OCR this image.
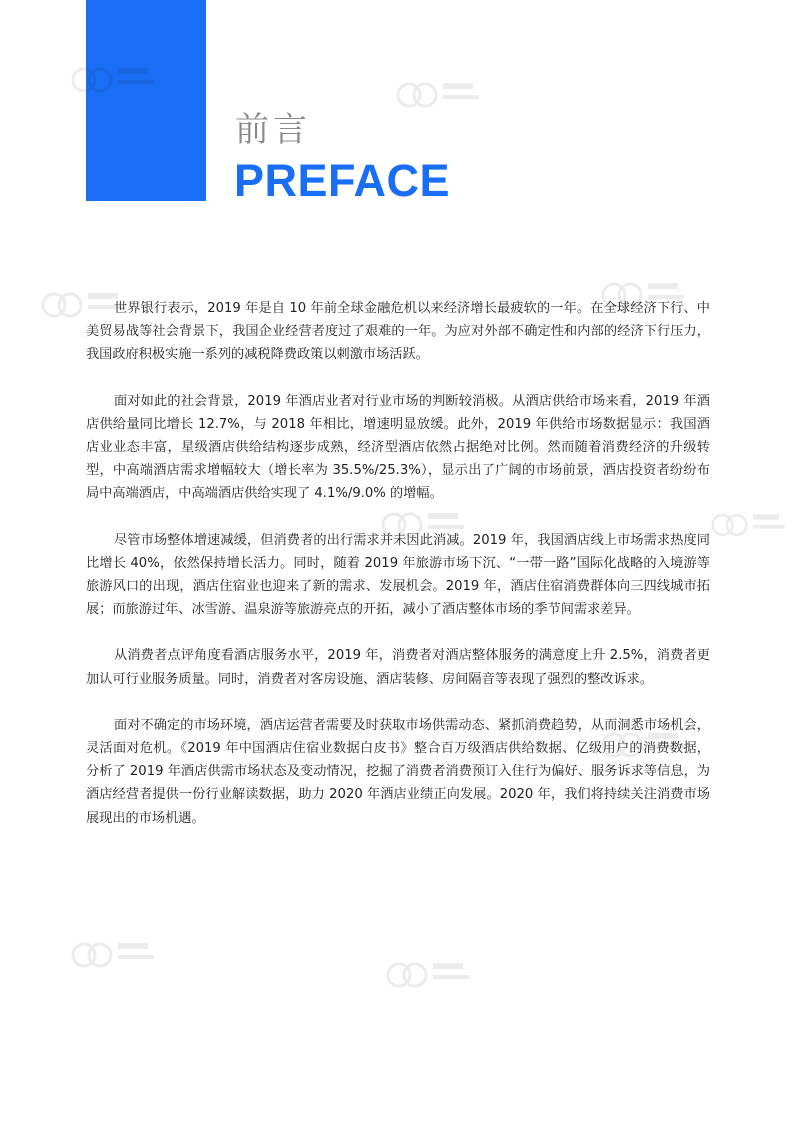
前言
PREFACE

世界银行表示，2019 年是自 10 年前全球金融危机以来经济增长最疲软的一年。在全球经济下行、中美贸易战等社会背景下，我国企业经营者度过了艰难的一年。为应对外部不确定性和内部的经济下行压力，我国政府积极实施一系列的减税降费政策以刺激市场活跃。

面对如此的社会背景，2019 年酒店业者对行业市场的判断较消极。从酒店供给市场来看，2019 年酒店供给量同比增长 12.7%，与 2018 年相比，增速明显放缓。此外，2019 年供给市场数据显示：我国酒店业业态丰富，星级酒店供给结构逐步成熟，经济型酒店依然占据绝对比例。然而随着消费经济的升级转型，中高端酒店需求增幅较大（增长率为 35.5%/25.3%），显示出了广阔的市场前景，酒店投资者纷纷布局中高端酒店，中高端酒店供给实现了 4.1%/9.0% 的增幅。

尽管市场整体增速减缓，但消费者的出行需求并未因此消减。2019 年，我国酒店线上市场需求热度同比增长 40%，依然保持增长活力。同时，随着 2019 年旅游市场下沉、“一带一路”国际化战略的入境游等旅游风口的出现，酒店住宿业也迎来了新的需求、发展机会。2019 年，酒店住宿消费群体向三四线城市拓展；而旅游过年、冰雪游、温泉游等旅游亮点的开拓，减小了酒店整体市场的季节间需求差异。

从消费者点评角度看酒店服务水平，2019 年，消费者对酒店整体服务的满意度上升 2.5%，消费者更加认可行业服务质量。同时，消费者对客房设施、酒店装修、房间隔音等表现了强烈的整改诉求。

面对不确定的市场环境，酒店运营者需要及时获取市场供需动态、紧抓消费趋势，从而洞悉市场机会，灵活面对危机。《2019 年中国酒店住宿业数据白皮书》整合百万级酒店供给数据、亿级用户的消费数据，分析了 2019 年酒店供需市场状态及变动情况，挖掘了消费者消费预订入住行为偏好、服务诉求等信息，为酒店经营者提供一份行业解读数据，助力 2020 年酒店业绩正向发展。2020 年，我们将持续关注消费市场展现出的市场机遇。
